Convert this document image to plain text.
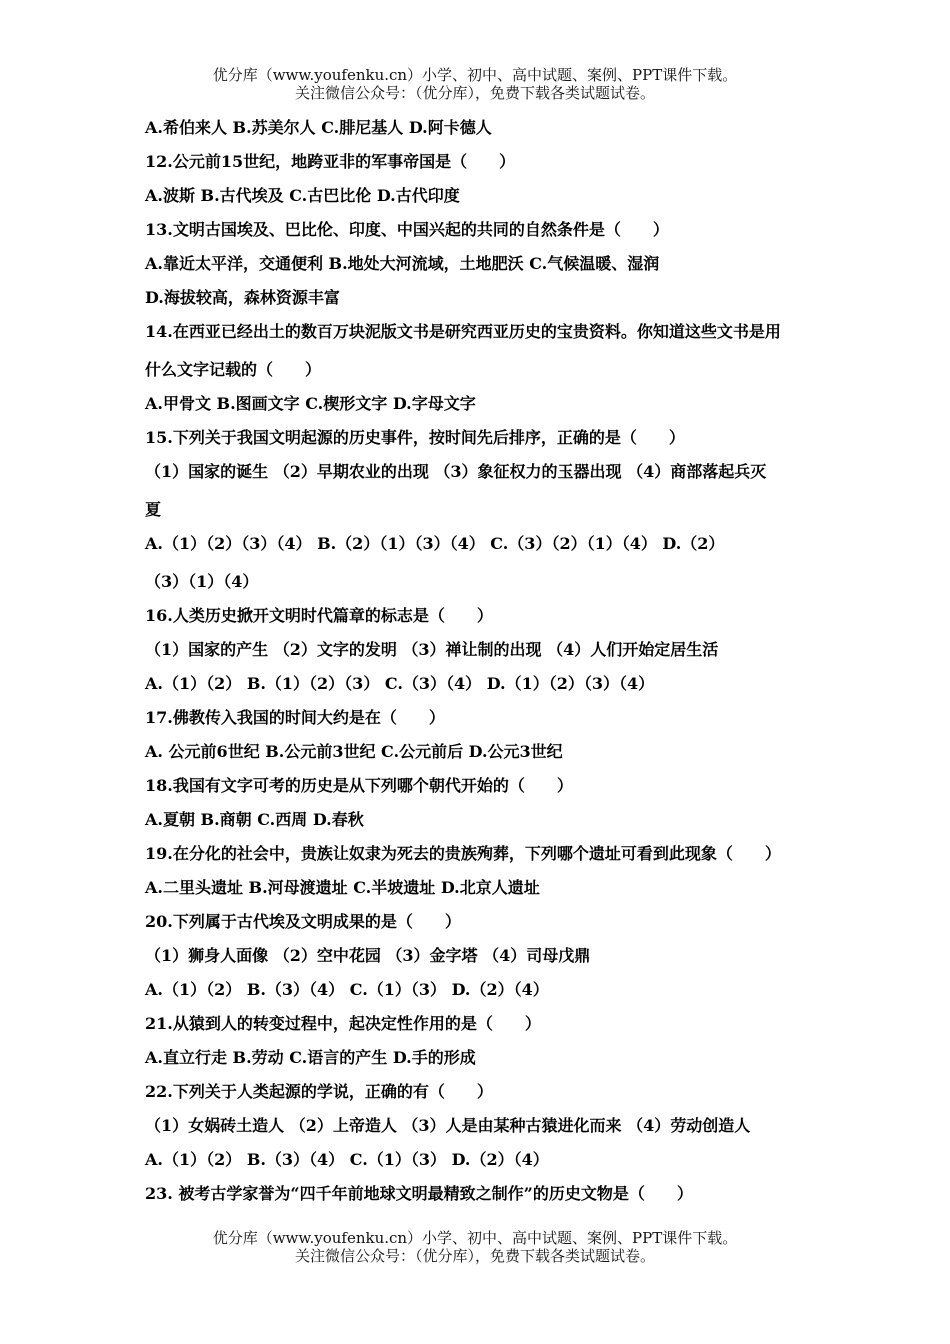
优分库（www.youfenku.cn）小学、初中、高中试题、案例、PPT课件下载。
关注微信公众号：（优分库），免费下载各类试题试卷。
A.希伯来人 B.苏美尔人 C.腓尼基人 D.阿卡德人
12.公元前15世纪，地跨亚非的军事帝国是（　　）
A.波斯 B.古代埃及 C.古巴比伦 D.古代印度
13.文明古国埃及、巴比伦、印度、中国兴起的共同的自然条件是（　　）
A.靠近太平洋，交通便利 B.地处大河流域，土地肥沃 C.气候温暖、湿润
D.海拔较高，森林资源丰富
14.在西亚已经出土的数百万块泥版文书是研究西亚历史的宝贵资料。你知道这些文书是用
什么文字记载的（　　）
A.甲骨文 B.图画文字 C.楔形文字 D.字母文字
15.下列关于我国文明起源的历史事件，按时间先后排序，正确的是（　　）
（1）国家的诞生 （2）早期农业的出现 （3）象征权力的玉器出现 （4）商部落起兵灭
夏
A.（1）（2）（3）（4） B.（2）（1）（3）（4） C.（3）（2）（1）（4） D.（2）
（3）（1）（4）
16.人类历史掀开文明时代篇章的标志是（　　）
（1）国家的产生 （2）文字的发明 （3）禅让制的出现 （4）人们开始定居生活
A.（1）（2） B.（1）（2）（3） C.（3）（4） D.（1）（2）（3）（4）
17.佛教传入我国的时间大约是在（　　）
A. 公元前6世纪 B.公元前3世纪 C.公元前后 D.公元3世纪
18.我国有文字可考的历史是从下列哪个朝代开始的（　　）
A.夏朝 B.商朝 C.西周 D.春秋
19.在分化的社会中，贵族让奴隶为死去的贵族殉葬，下列哪个遗址可看到此现象（　　）
A.二里头遗址 B.河母渡遗址 C.半坡遗址 D.北京人遗址
20.下列属于古代埃及文明成果的是（　　）
（1）狮身人面像 （2）空中花园 （3）金字塔 （4）司母戊鼎
A.（1）（2） B.（3）（4） C.（1）（3） D.（2）（4）
21.从猿到人的转变过程中，起决定性作用的是（　　）
A.直立行走 B.劳动 C.语言的产生 D.手的形成
22.下列关于人类起源的学说，正确的有（　　）
（1）女娲砖土造人 （2）上帝造人 （3）人是由某种古猿进化而来 （4）劳动创造人
A.（1）（2） B.（3）（4） C.（1）（3） D.（2）（4）
23. 被考古学家誉为“四千年前地球文明最精致之制作”的历史文物是（　　）
优分库（www.youfenku.cn）小学、初中、高中试题、案例、PPT课件下载。
关注微信公众号：（优分库），免费下载各类试题试卷。
